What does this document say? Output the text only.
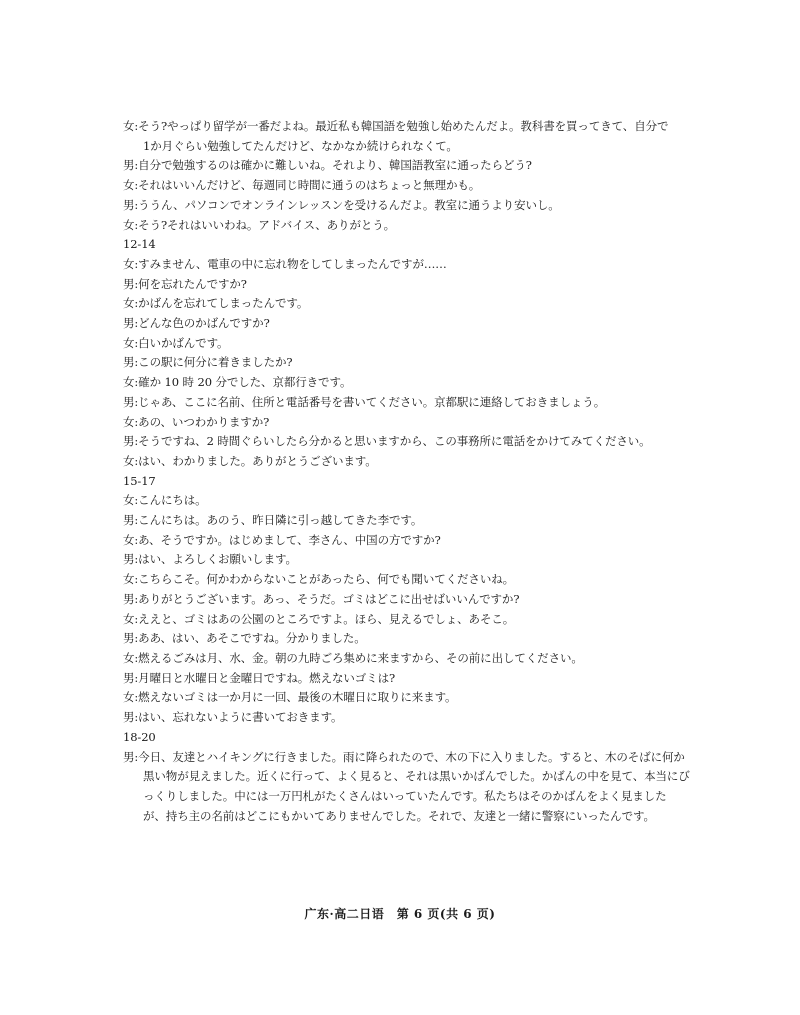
女:そう?やっぱり留学が一番だよね。最近私も韓国語を勉強し始めたんだよ。教科書を買ってきて、自分で
1か月ぐらい勉強してたんだけど、なかなか続けられなくて。
男:自分で勉強するのは確かに難しいね。それより、韓国語教室に通ったらどう?
女:それはいいんだけど、毎週同じ時間に通うのはちょっと無理かも。
男:ううん、パソコンでオンラインレッスンを受けるんだよ。教室に通うより安いし。
女:そう?それはいいわね。アドバイス、ありがとう。
12-14
女:すみません、電車の中に忘れ物をしてしまったんですが……
男:何を忘れたんですか?
女:かばんを忘れてしまったんです。
男:どんな色のかばんですか?
女:白いかばんです。
男:この駅に何分に着きましたか?
女:確か 10 時 20 分でした、京都行きです。
男:じゃあ、ここに名前、住所と電話番号を書いてください。京都駅に連絡しておきましょう。
女:あの、いつわかりますか?
男:そうですね、2 時間ぐらいしたら分かると思いますから、この事務所に電話をかけてみてください。
女:はい、わかりました。ありがとうございます。
15-17
女:こんにちは。
男:こんにちは。あのう、昨日隣に引っ越してきた李です。
女:あ、そうですか。はじめまして、李さん、中国の方ですか?
男:はい、よろしくお願いします。
女:こちらこそ。何かわからないことがあったら、何でも聞いてくださいね。
男:ありがとうございます。あっ、そうだ。ゴミはどこに出せばいいんですか?
女:ええと、ゴミはあの公園のところですよ。ほら、見えるでしょ、あそこ。
男:ああ、はい、あそこですね。分かりました。
女:燃えるごみは月、水、金。朝の九時ごろ集めに来ますから、その前に出してください。
男:月曜日と水曜日と金曜日ですね。燃えないゴミは?
女:燃えないゴミは一か月に一回、最後の木曜日に取りに来ます。
男:はい、忘れないように書いておきます。
18-20
男:今日、友達とハイキングに行きました。雨に降られたので、木の下に入りました。すると、木のそばに何か
黒い物が見えました。近くに行って、よく見ると、それは黒いかばんでした。かばんの中を見て、本当にび
っくりしました。中には一万円札がたくさんはいっていたんです。私たちはそのかばんをよく見ました
が、持ち主の名前はどこにもかいてありませんでした。それで、友達と一緒に警察にいったんです。
广东·高二日语　第 6 页(共 6 页)
